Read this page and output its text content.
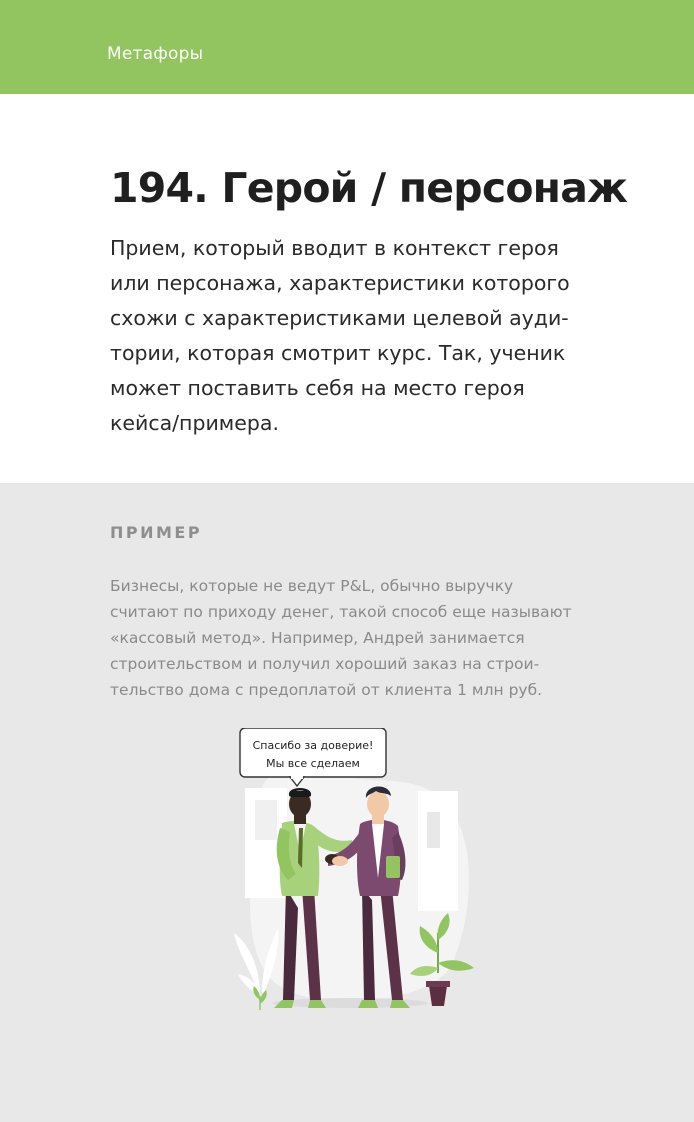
Метафоры
194. Герой / персонаж

Прием, который вводит в контекст героя
или персонажа, характеристики которого
схожи с характеристиками целевой ауди-
тории, которая смотрит курс. Так, ученик
может поставить себя на место героя
кейса/примера.

ПРИМЕР

Бизнесы, которые не ведут P&L, обычно выручку
считают по приходу денег, такой способ еще называют
«кассовый метод». Например, Андрей занимается
строительством и получил хороший заказ на строи-
тельство дома с предоплатой от клиента 1 млн руб.

Спасибо за доверие!
Мы все сделаем
